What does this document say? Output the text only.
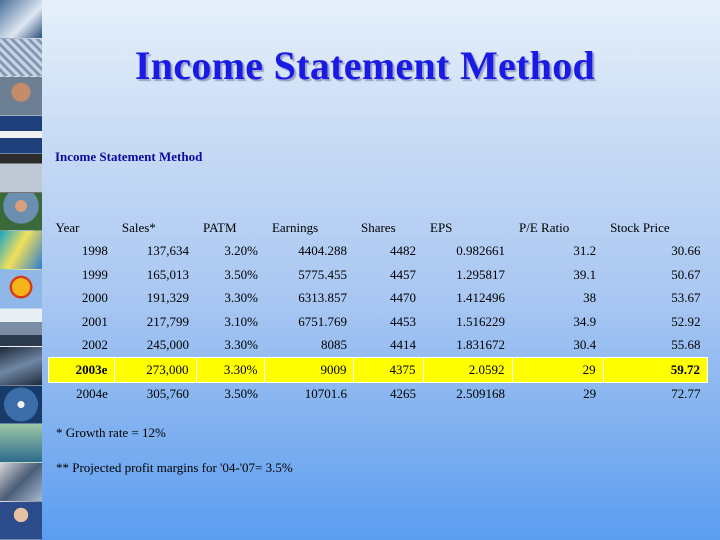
Income Statement Method
Income Statement Method
Year	Sales*	PATM	Earnings	Shares	EPS	P/E Ratio	Stock Price
1998	137,634	3.20%	4404.288	4482	0.982661	31.2	30.66
1999	165,013	3.50%	5775.455	4457	1.295817	39.1	50.67
2000	191,329	3.30%	6313.857	4470	1.412496	38	53.67
2001	217,799	3.10%	6751.769	4453	1.516229	34.9	52.92
2002	245,000	3.30%	8085	4414	1.831672	30.4	55.68
2003e	273,000	3.30%	9009	4375	2.0592	29	59.72
2004e	305,760	3.50%	10701.6	4265	2.509168	29	72.77
* Growth rate = 12%
** Projected profit margins for '04-'07= 3.5%
